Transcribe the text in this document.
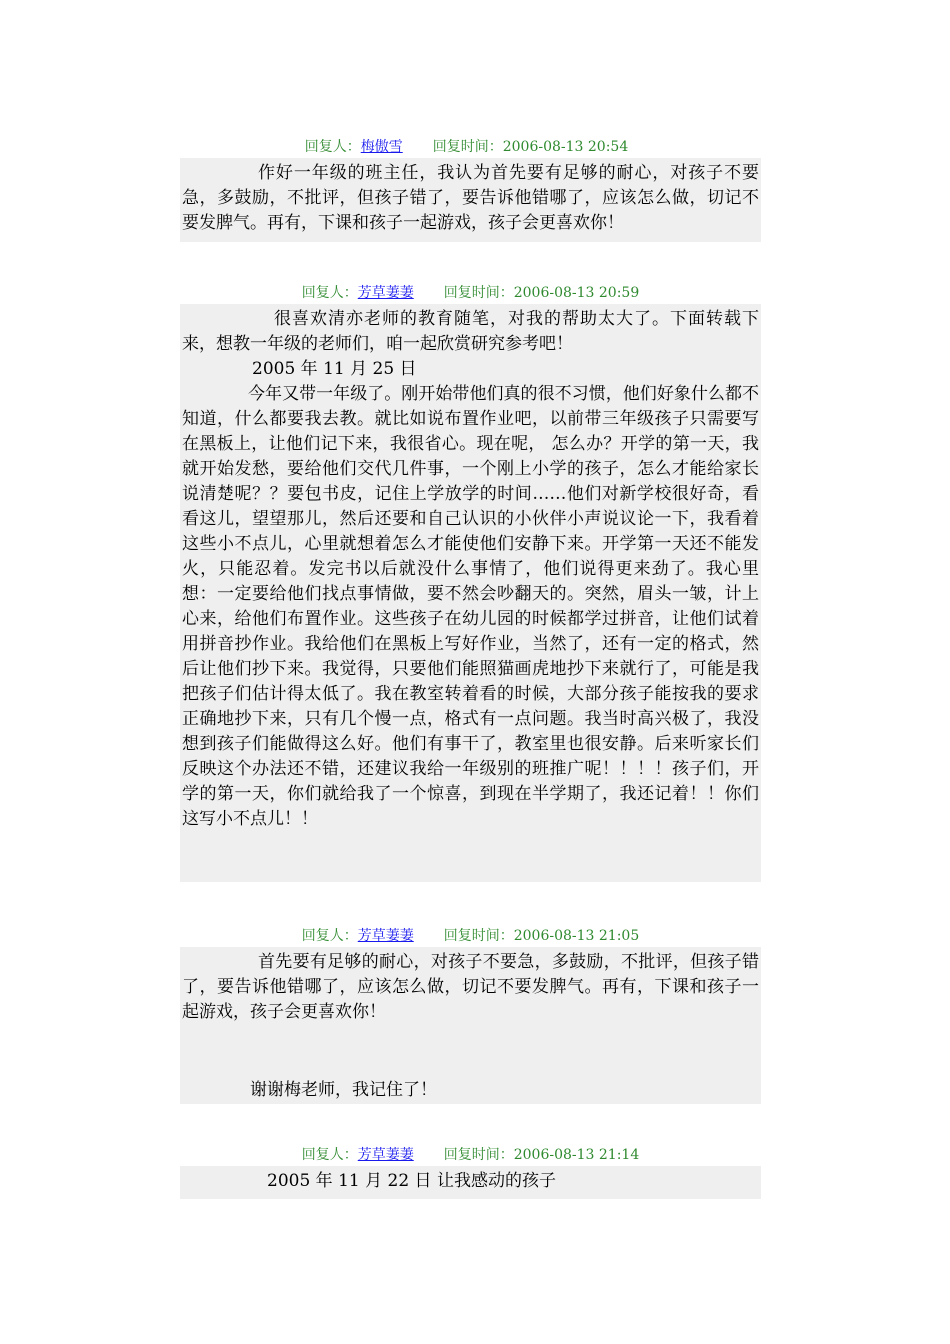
回复人：梅傲雪 回复时间：2006-08-13 20:54

作好一年级的班主任，我认为首先要有足够的耐心，对孩子不要急，多鼓励，不批评，但孩子错了，要告诉他错哪了，应该怎么做，切记不要发脾气。再有，下课和孩子一起游戏，孩子会更喜欢你！

回复人：芳草萋萋 回复时间：2006-08-13 20:59

很喜欢清亦老师的教育随笔，对我的帮助太大了。下面转载下来，想教一年级的老师们，咱一起欣赏研究参考吧！

2005 年 11 月 25 日

今年又带一年级了。刚开始带他们真的很不习惯，他们好象什么都不知道，什么都要我去教。就比如说布置作业吧，以前带三年级孩子只需要写在黑板上，让他们记下来，我很省心。现在呢， 怎么办？开学的第一天，我就开始发愁，要给他们交代几件事，一个刚上小学的孩子，怎么才能给家长说清楚呢？？要包书皮，记住上学放学的时间……他们对新学校很好奇，看看这儿，望望那儿，然后还要和自己认识的小伙伴小声说议论一下，我看着这些小不点儿，心里就想着怎么才能使他们安静下来。开学第一天还不能发火，只能忍着。发完书以后就没什么事情了，他们说得更来劲了。我心里想：一定要给他们找点事情做，要不然会吵翻天的。突然，眉头一皱，计上心来，给他们布置作业。这些孩子在幼儿园的时候都学过拼音，让他们试着用拼音抄作业。我给他们在黑板上写好作业，当然了，还有一定的格式，然后让他们抄下来。我觉得，只要他们能照猫画虎地抄下来就行了，可能是我把孩子们估计得太低了。我在教室转着看的时候，大部分孩子能按我的要求正确地抄下来，只有几个慢一点，格式有一点问题。我当时高兴极了，我没想到孩子们能做得这么好。他们有事干了，教室里也很安静。后来听家长们反映这个办法还不错，还建议我给一年级别的班推广呢！！！！孩子们，开学的第一天，你们就给我了一个惊喜，到现在半学期了，我还记着！！你们这写小不点儿！！

回复人：芳草萋萋 回复时间：2006-08-13 21:05

首先要有足够的耐心，对孩子不要急，多鼓励，不批评，但孩子错了，要告诉他错哪了，应该怎么做，切记不要发脾气。再有，下课和孩子一起游戏，孩子会更喜欢你！

谢谢梅老师，我记住了！

回复人：芳草萋萋 回复时间：2006-08-13 21:14

2005 年 11 月 22 日 让我感动的孩子
